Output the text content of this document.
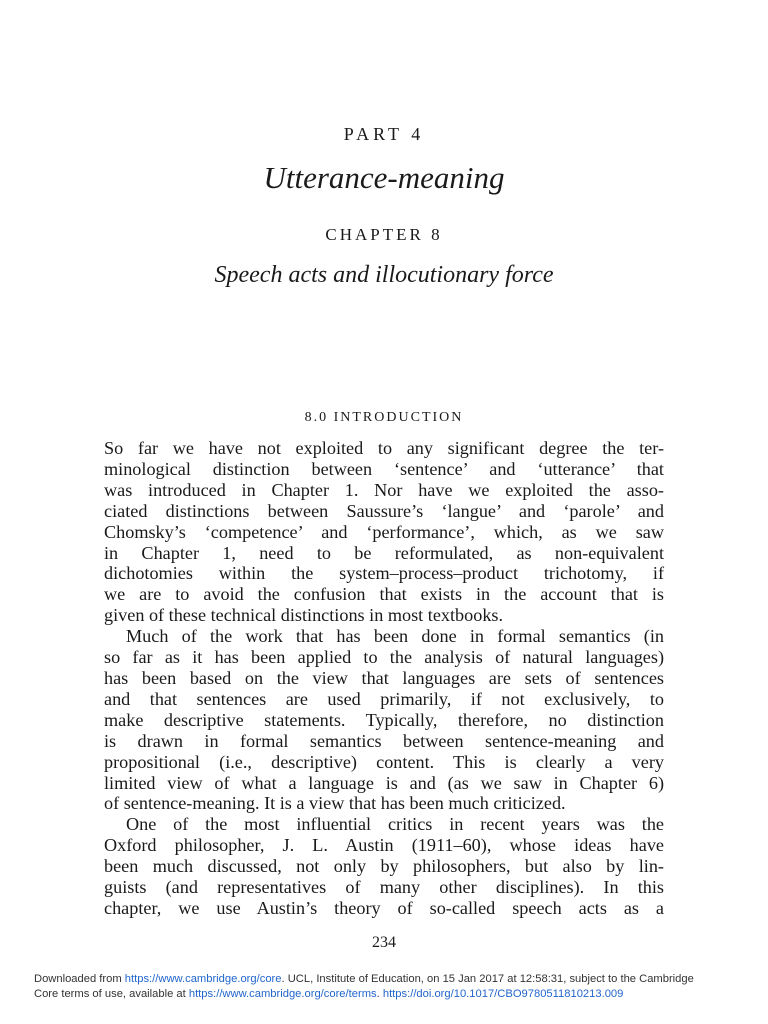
PART 4
Utterance-meaning
CHAPTER 8
Speech acts and illocutionary force
8.0 INTRODUCTION

So far we have not exploited to any significant degree the ter-
minological distinction between ‘sentence’ and ‘utterance’ that
was introduced in Chapter 1. Nor have we exploited the asso-
ciated distinctions between Saussure’s ‘langue’ and ‘parole’ and
Chomsky’s ‘competence’ and ‘performance’, which, as we saw
in Chapter 1, need to be reformulated, as non-equivalent
dichotomies within the system–process–product trichotomy, if
we are to avoid the confusion that exists in the account that is
given of these technical distinctions in most textbooks.

Much of the work that has been done in formal semantics (in
so far as it has been applied to the analysis of natural languages)
has been based on the view that languages are sets of sentences
and that sentences are used primarily, if not exclusively, to
make descriptive statements. Typically, therefore, no distinction
is drawn in formal semantics between sentence-meaning and
propositional (i.e., descriptive) content. This is clearly a very
limited view of what a language is and (as we saw in Chapter 6)
of sentence-meaning. It is a view that has been much criticized.

One of the most influential critics in recent years was the
Oxford philosopher, J. L. Austin (1911–60), whose ideas have
been much discussed, not only by philosophers, but also by lin-
guists (and representatives of many other disciplines). In this
chapter, we use Austin’s theory of so-called speech acts as a

234
Downloaded from https://www.cambridge.org/core. UCL, Institute of Education, on 15 Jan 2017 at 12:58:31, subject to the Cambridge
Core terms of use, available at https://www.cambridge.org/core/terms. https://doi.org/10.1017/CBO9780511810213.009
